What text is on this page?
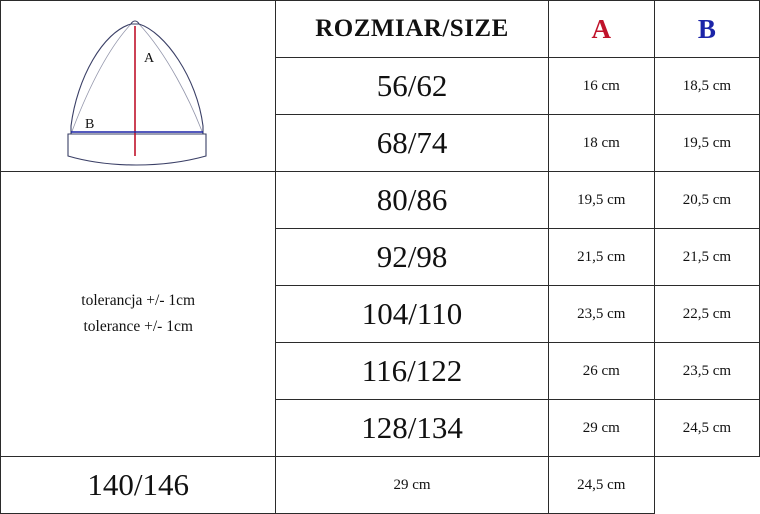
A
B	ROZMIAR/SIZE	A	B
	56/62	16 cm	18,5 cm
	68/74	18 cm	19,5 cm

tolerancja +/- 1cm
tolerance +/- 1cm	80/86	19,5 cm	20,5 cm
	92/98	21,5 cm	21,5 cm
	104/110	23,5 cm	22,5 cm
	116/122	26 cm	23,5 cm
	128/134	29 cm	24,5 cm
140/146	29 cm	24,5 cm	
